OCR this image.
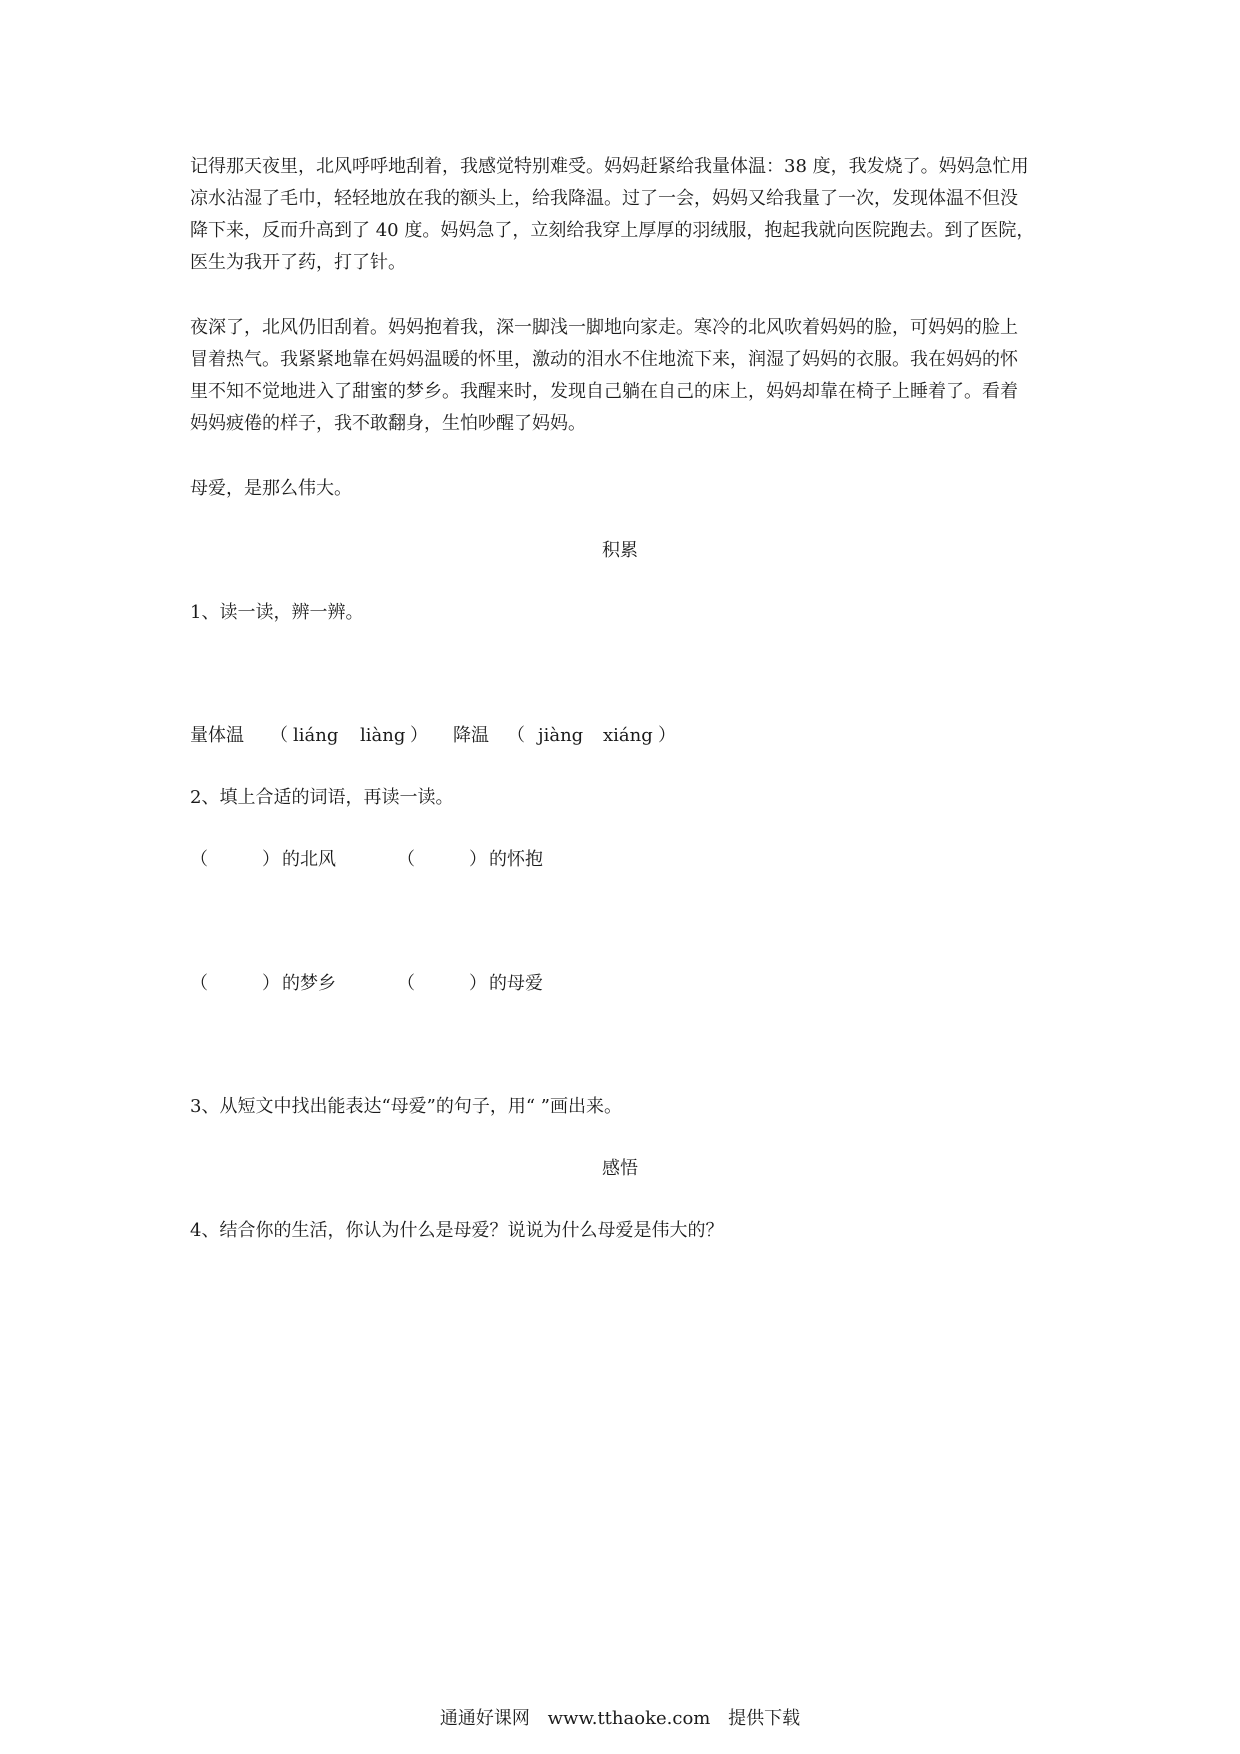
记得那天夜里，北风呼呼地刮着，我感觉特别难受。妈妈赶紧给我量体温：38 度，我发烧了。妈妈急忙用
凉水沾湿了毛巾，轻轻地放在我的额头上，给我降温。过了一会，妈妈又给我量了一次，发现体温不但没
降下来，反而升高到了 40 度。妈妈急了，立刻给我穿上厚厚的羽绒服，抱起我就向医院跑去。到了医院，
医生为我开了药，打了针。
夜深了，北风仍旧刮着。妈妈抱着我，深一脚浅一脚地向家走。寒冷的北风吹着妈妈的脸，可妈妈的脸上
冒着热气。我紧紧地靠在妈妈温暖的怀里，激动的泪水不住地流下来，润湿了妈妈的衣服。我在妈妈的怀
里不知不觉地进入了甜蜜的梦乡。我醒来时，发现自己躺在自己的床上，妈妈却靠在椅子上睡着了。看着
妈妈疲倦的样子，我不敢翻身，生怕吵醒了妈妈。

母爱，是那么伟大。

积累

1、读一读，辨一辨。

量体温 （ liáng liàng ） 降温 （ jiàng xiáng ）

2、填上合适的词语，再读一读。

（	） 的北风	（	） 的怀抱
（	） 的梦乡	（	） 的母爱

3、从短文中找出能表达“母爱”的句子，用“ ”画出来。

感悟

4、结合你的生活，你认为什么是母爱？说说为什么母爱是伟大的？

通通好课网 www.tthaoke.com 提供下载
